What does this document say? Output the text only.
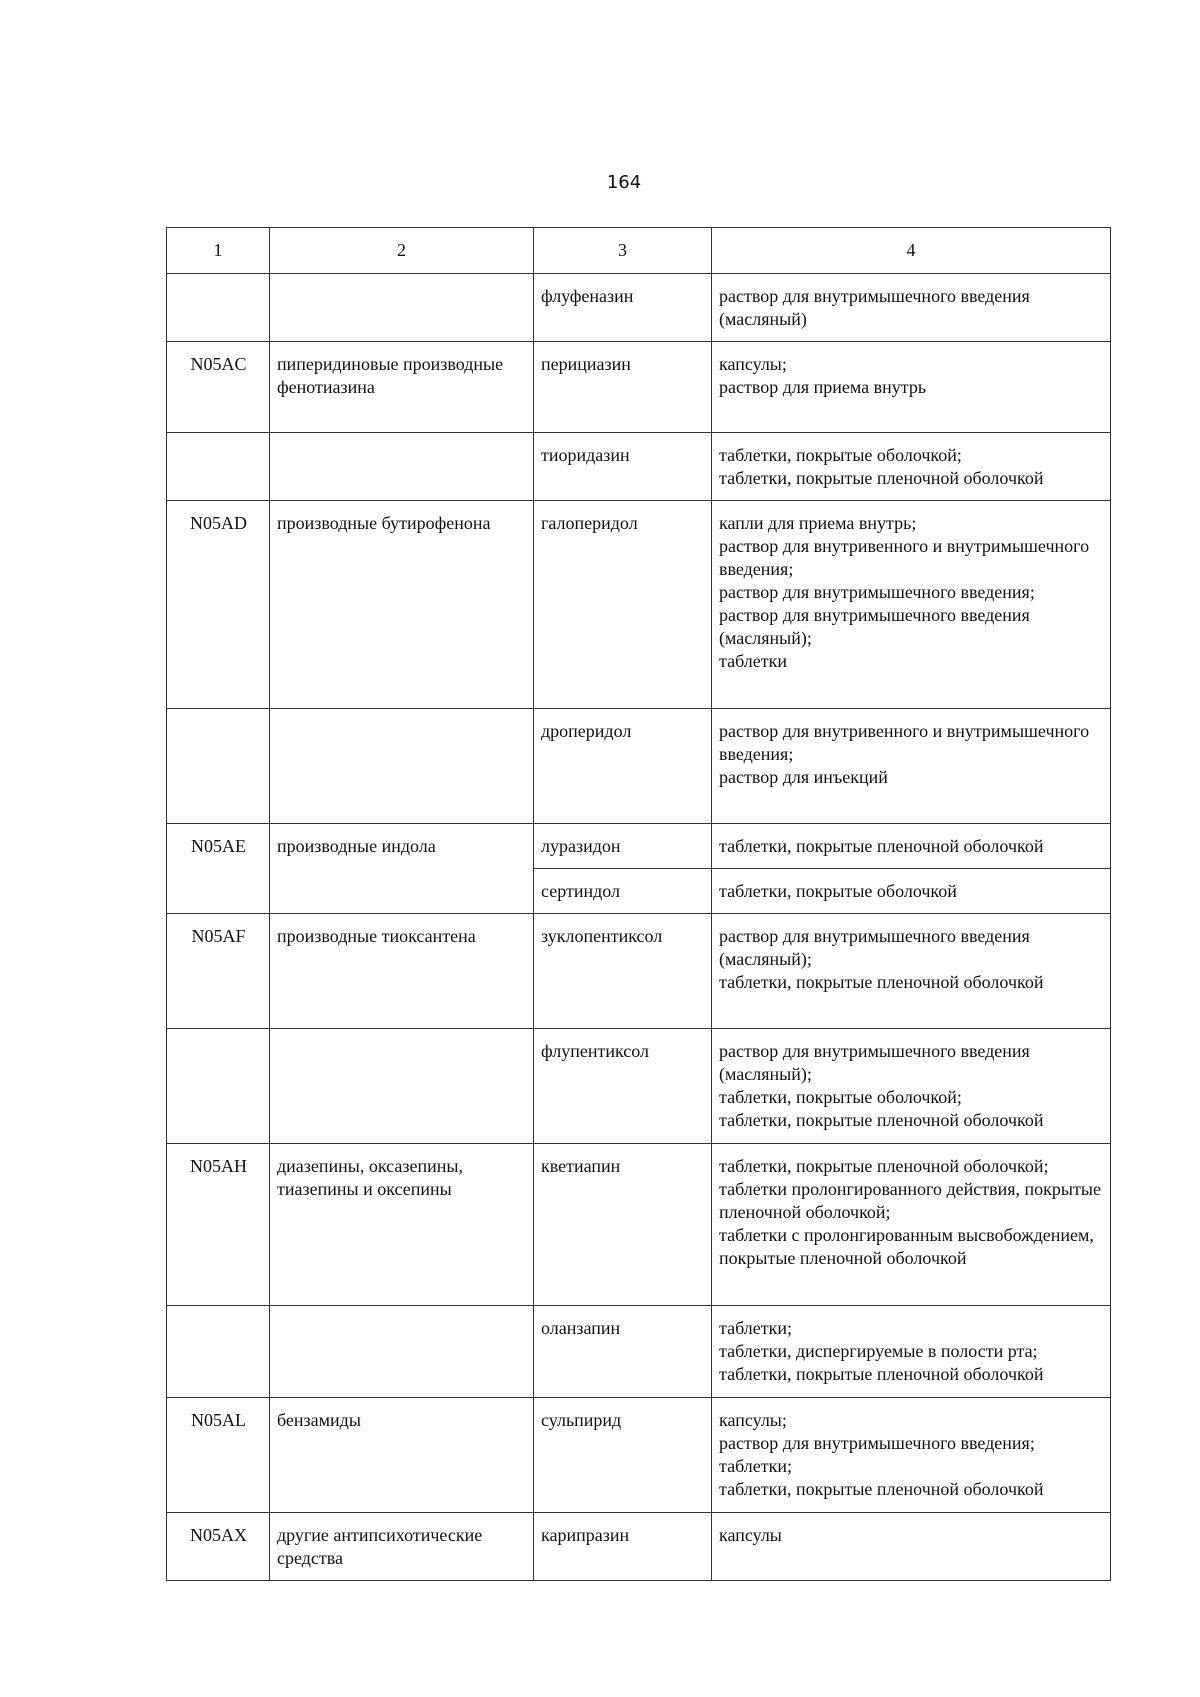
164
1	2	3	4
		флуфеназин	раствор для внутримышечного введения (масляный)

N05AC	пиперидиновые производные фенотиазина	перициазин	капсулы;
раствор для приема внутрь

		тиоридазин	таблетки, покрытые оболочкой;
таблетки, покрытые пленочной оболочкой

N05AD	производные бутирофенона	галоперидол	капли для приема внутрь;
раствор для внутривенного и внутримышечного введения;
раствор для внутримышечного введения;
раствор для внутримышечного введения (масляный);
таблетки

		дроперидол	раствор для внутривенного и внутримышечного введения;
раствор для инъекций

N05AE	производные индола	луразидон	таблетки, покрытые пленочной оболочкой

		сертиндол	таблетки, покрытые оболочкой

N05AF	производные тиоксантена	зуклопентиксол	раствор для внутримышечного введения (масляный);
таблетки, покрытые пленочной оболочкой

		флупентиксол	раствор для внутримышечного введения (масляный);
таблетки, покрытые оболочкой;
таблетки, покрытые пленочной оболочкой

N05AH	диазепины, оксазепины, тиазепины и оксепины	кветиапин	таблетки, покрытые пленочной оболочкой;
таблетки пролонгированного действия, покрытые пленочной оболочкой;
таблетки с пролонгированным высвобождением, покрытые пленочной оболочкой

		оланзапин	таблетки;
таблетки, диспергируемые в полости рта;
таблетки, покрытые пленочной оболочкой

N05AL	бензамиды	сульпирид	капсулы;
раствор для внутримышечного введения;
таблетки;
таблетки, покрытые пленочной оболочкой

N05AX	другие антипсихотические средства	карипразин	капсулы
